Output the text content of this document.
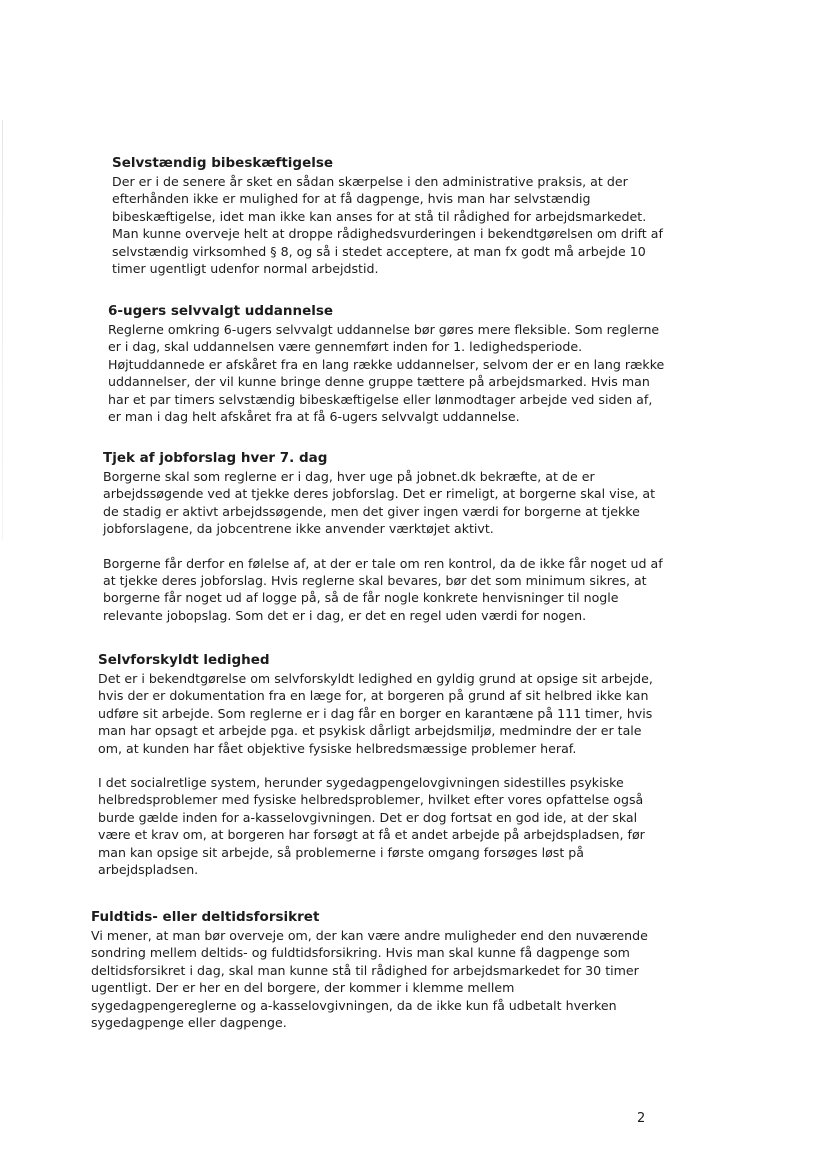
Selvstændig bibeskæftigelse

Der er i de senere år sket en sådan skærpelse i den administrative praksis, at der efterhånden ikke er mulighed for at få dagpenge, hvis man har selvstændig bibeskæftigelse, idet man ikke kan anses for at stå til rådighed for arbejdsmarkedet.

Man kunne overveje helt at droppe rådighedsvurderingen i bekendtgørelsen om drift af selvstændig virksomhed § 8, og så i stedet acceptere, at man fx godt må arbejde 10 timer ugentligt udenfor normal arbejdstid.

6-ugers selvvalgt uddannelse

Reglerne omkring 6-ugers selvvalgt uddannelse bør gøres mere fleksible. Som reglerne er i dag, skal uddannelsen være gennemført inden for 1. ledighedsperiode. Højtuddannede er afskåret fra en lang række uddannelser, selvom der er en lang række uddannelser, der vil kunne bringe denne gruppe tættere på arbejdsmarked. Hvis man har et par timers selvstændig bibeskæftigelse eller lønmodtager arbejde ved siden af, er man i dag helt afskåret fra at få 6-ugers selvvalgt uddannelse.

Tjek af jobforslag hver 7. dag

Borgerne skal som reglerne er i dag, hver uge på jobnet.dk bekræfte, at de er arbejdssøgende ved at tjekke deres jobforslag. Det er rimeligt, at borgerne skal vise, at de stadig er aktivt arbejdssøgende, men det giver ingen værdi for borgerne at tjekke jobforslagene, da jobcentrene ikke anvender værktøjet aktivt.

Borgerne får derfor en følelse af, at der er tale om ren kontrol, da de ikke får noget ud af at tjekke deres jobforslag. Hvis reglerne skal bevares, bør det som minimum sikres, at borgerne får noget ud af logge på, så de får nogle konkrete henvisninger til nogle relevante jobopslag. Som det er i dag, er det en regel uden værdi for nogen.

Selvforskyldt ledighed

Det er i bekendtgørelse om selvforskyldt ledighed en gyldig grund at opsige sit arbejde, hvis der er dokumentation fra en læge for, at borgeren på grund af sit helbred ikke kan udføre sit arbejde. Som reglerne er i dag får en borger en karantæne på 111 timer, hvis man har opsagt et arbejde pga. et psykisk dårligt arbejdsmiljø, medmindre der er tale om, at kunden har fået objektive fysiske helbredsmæssige problemer heraf.

I det socialretlige system, herunder sygedagpengelovgivningen sidestilles psykiske helbredsproblemer med fysiske helbredsproblemer, hvilket efter vores opfattelse også burde gælde inden for a-kasselovgivningen. Det er dog fortsat en god ide, at der skal være et krav om, at borgeren har forsøgt at få et andet arbejde på arbejdspladsen, før man kan opsige sit arbejde, så problemerne i første omgang forsøges løst på arbejdspladsen.

Fuldtids- eller deltidsforsikret

Vi mener, at man bør overveje om, der kan være andre muligheder end den nuværende sondring mellem deltids- og fuldtidsforsikring. Hvis man skal kunne få dagpenge som deltidsforsikret i dag, skal man kunne stå til rådighed for arbejdsmarkedet for 30 timer ugentligt. Der er her en del borgere, der kommer i klemme mellem sygedagpengereglerne og a-kasselovgivningen, da de ikke kun få udbetalt hverken sygedagpenge eller dagpenge.

2
